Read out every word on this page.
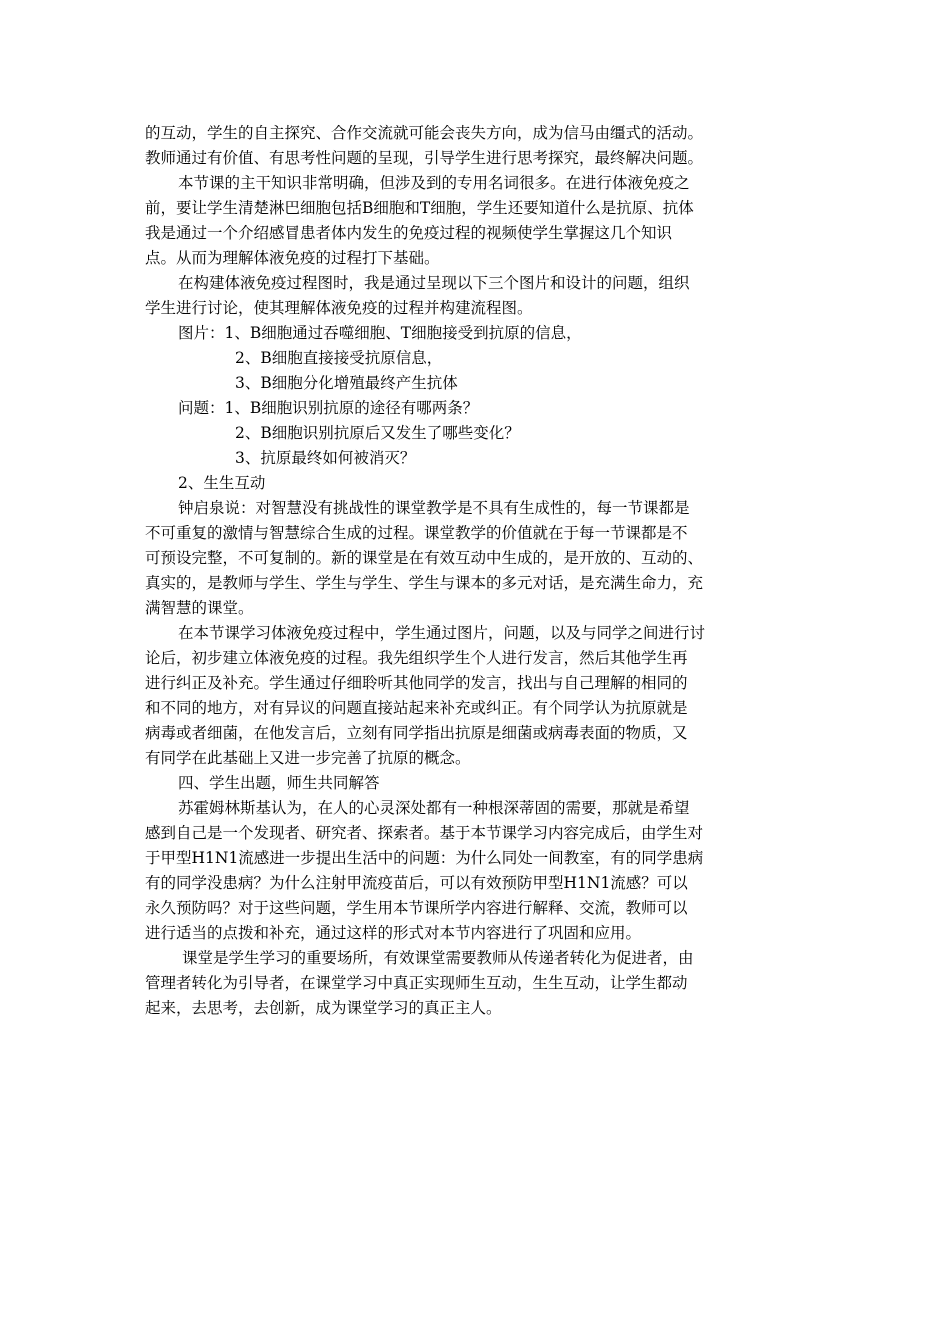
的互动，学生的自主探究、合作交流就可能会丧失方向，成为信马由缰式的活动。
教师通过有价值、有思考性问题的呈现，引导学生进行思考探究，最终解决问题。
本节课的主干知识非常明确，但涉及到的专用名词很多。在进行体液免疫之
前，要让学生清楚淋巴细胞包括B细胞和T细胞，学生还要知道什么是抗原、抗体
我是通过一个介绍感冒患者体内发生的免疫过程的视频使学生掌握这几个知识
点。从而为理解体液免疫的过程打下基础。
在构建体液免疫过程图时，我是通过呈现以下三个图片和设计的问题，组织
学生进行讨论，使其理解体液免疫的过程并构建流程图。
图片：1、B细胞通过吞噬细胞、T细胞接受到抗原的信息，
2、B细胞直接接受抗原信息，
3、B细胞分化增殖最终产生抗体
问题：1、B细胞识别抗原的途径有哪两条？
2、B细胞识别抗原后又发生了哪些变化？
3、抗原最终如何被消灭？
2、生生互动
钟启泉说：对智慧没有挑战性的课堂教学是不具有生成性的，每一节课都是
不可重复的激情与智慧综合生成的过程。课堂教学的价值就在于每一节课都是不
可预设完整，不可复制的。新的课堂是在有效互动中生成的，是开放的、互动的、
真实的，是教师与学生、学生与学生、学生与课本的多元对话，是充满生命力，充
满智慧的课堂。
在本节课学习体液免疫过程中，学生通过图片，问题，以及与同学之间进行讨
论后，初步建立体液免疫的过程。我先组织学生个人进行发言，然后其他学生再
进行纠正及补充。学生通过仔细聆听其他同学的发言，找出与自己理解的相同的
和不同的地方，对有异议的问题直接站起来补充或纠正。有个同学认为抗原就是
病毒或者细菌，在他发言后，立刻有同学指出抗原是细菌或病毒表面的物质，又
有同学在此基础上又进一步完善了抗原的概念。
四、学生出题，师生共同解答
苏霍姆林斯基认为，在人的心灵深处都有一种根深蒂固的需要，那就是希望
感到自己是一个发现者、研究者、探索者。基于本节课学习内容完成后，由学生对
于甲型H1N1流感进一步提出生活中的问题：为什么同处一间教室，有的同学患病
有的同学没患病？为什么注射甲流疫苗后，可以有效预防甲型H1N1流感？可以
永久预防吗？对于这些问题，学生用本节课所学内容进行解释、交流，教师可以
进行适当的点拨和补充，通过这样的形式对本节内容进行了巩固和应用。
课堂是学生学习的重要场所，有效课堂需要教师从传递者转化为促进者，由
管理者转化为引导者，在课堂学习中真正实现师生互动，生生互动，让学生都动
起来，去思考，去创新，成为课堂学习的真正主人。
